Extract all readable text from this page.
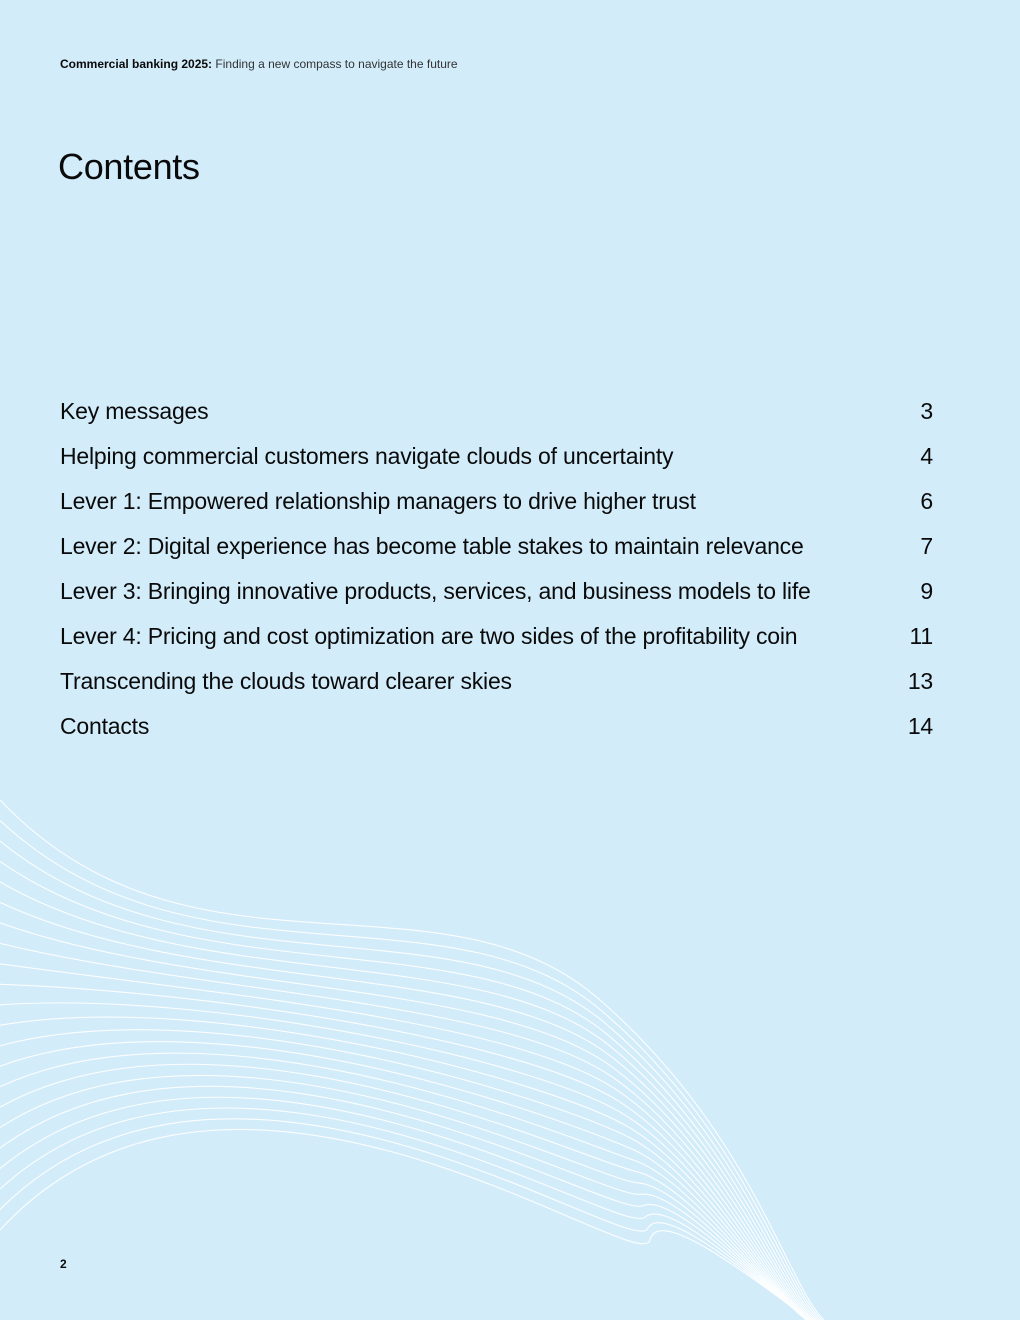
Commercial banking 2025: Finding a new compass to navigate the future
Contents
Key messages	3
Helping commercial customers navigate clouds of uncertainty	4
Lever 1: Empowered relationship managers to drive higher trust	6
Lever 2: Digital experience has become table stakes to maintain relevance	7
Lever 3: Bringing innovative products, services, and business models to life	9
Lever 4: Pricing and cost optimization are two sides of the profitability coin	11
Transcending the clouds toward clearer skies	13
Contacts	14
2
